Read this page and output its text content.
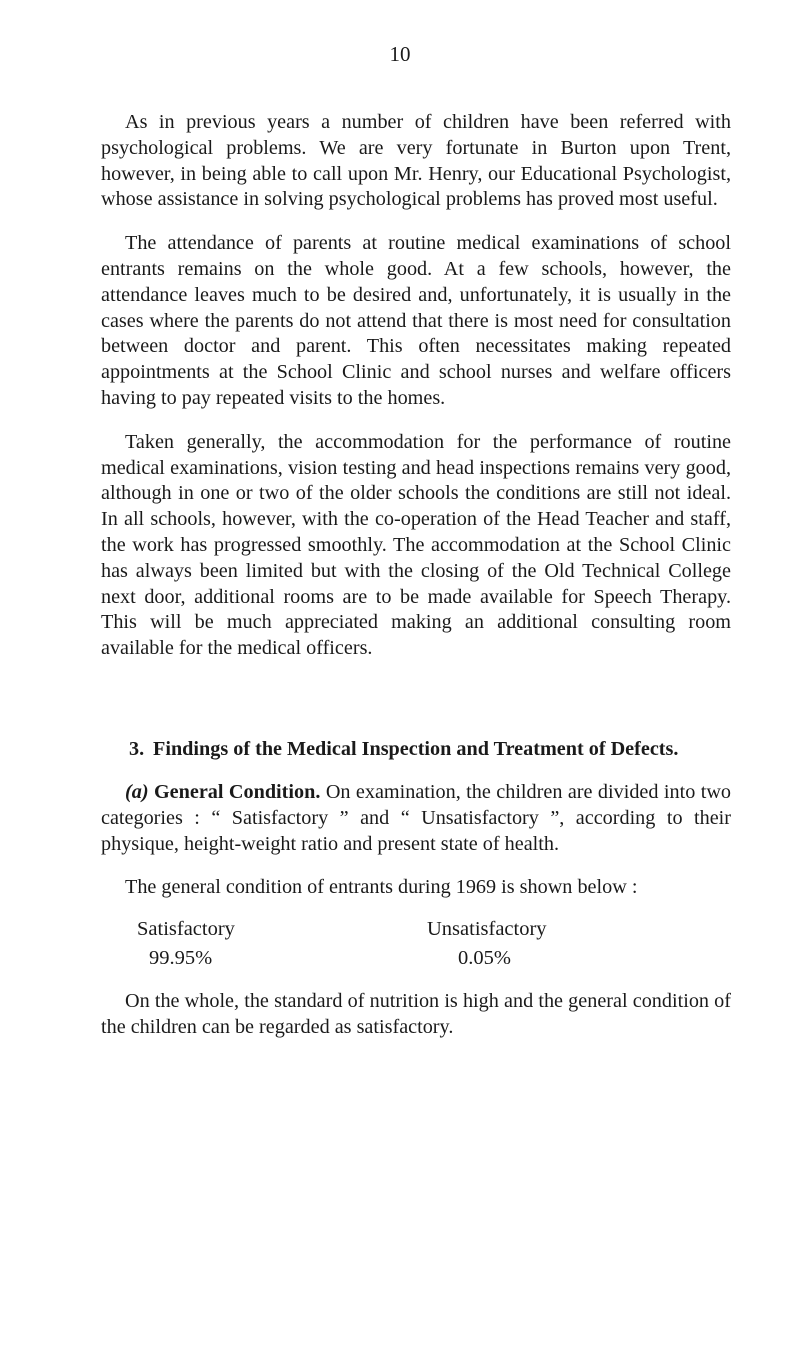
10

As in previous years a number of children have been referred with psychological problems. We are very fortunate in Burton upon Trent, however, in being able to call upon Mr. Henry, our Educational Psychologist, whose assistance in solving psychological problems has proved most useful.

The attendance of parents at routine medical examinations of school entrants remains on the whole good. At a few schools, however, the attendance leaves much to be desired and, unfortunately, it is usually in the cases where the parents do not attend that there is most need for consultation between doctor and parent. This often necessitates making repeated appointments at the School Clinic and school nurses and welfare officers having to pay repeated visits to the homes.

Taken generally, the accommodation for the performance of routine medical examinations, vision testing and head inspections remains very good, although in one or two of the older schools the conditions are still not ideal. In all schools, however, with the co-operation of the Head Teacher and staff, the work has progressed smoothly. The accommodation at the School Clinic has always been limited but with the closing of the Old Technical College next door, additional rooms are to be made available for Speech Therapy. This will be much appreciated making an additional consulting room available for the medical officers.

3. Findings of the Medical Inspection and Treatment of Defects.

(a) General Condition. On examination, the children are divided into two categories : “ Satisfactory ” and “ Unsatisfactory ”, according to their physique, height-weight ratio and present state of health.

The general condition of entrants during 1969 is shown below :

Satisfactory
99.95%
Unsatisfactory
0.05%

On the whole, the standard of nutrition is high and the general condition of the children can be regarded as satisfactory.
